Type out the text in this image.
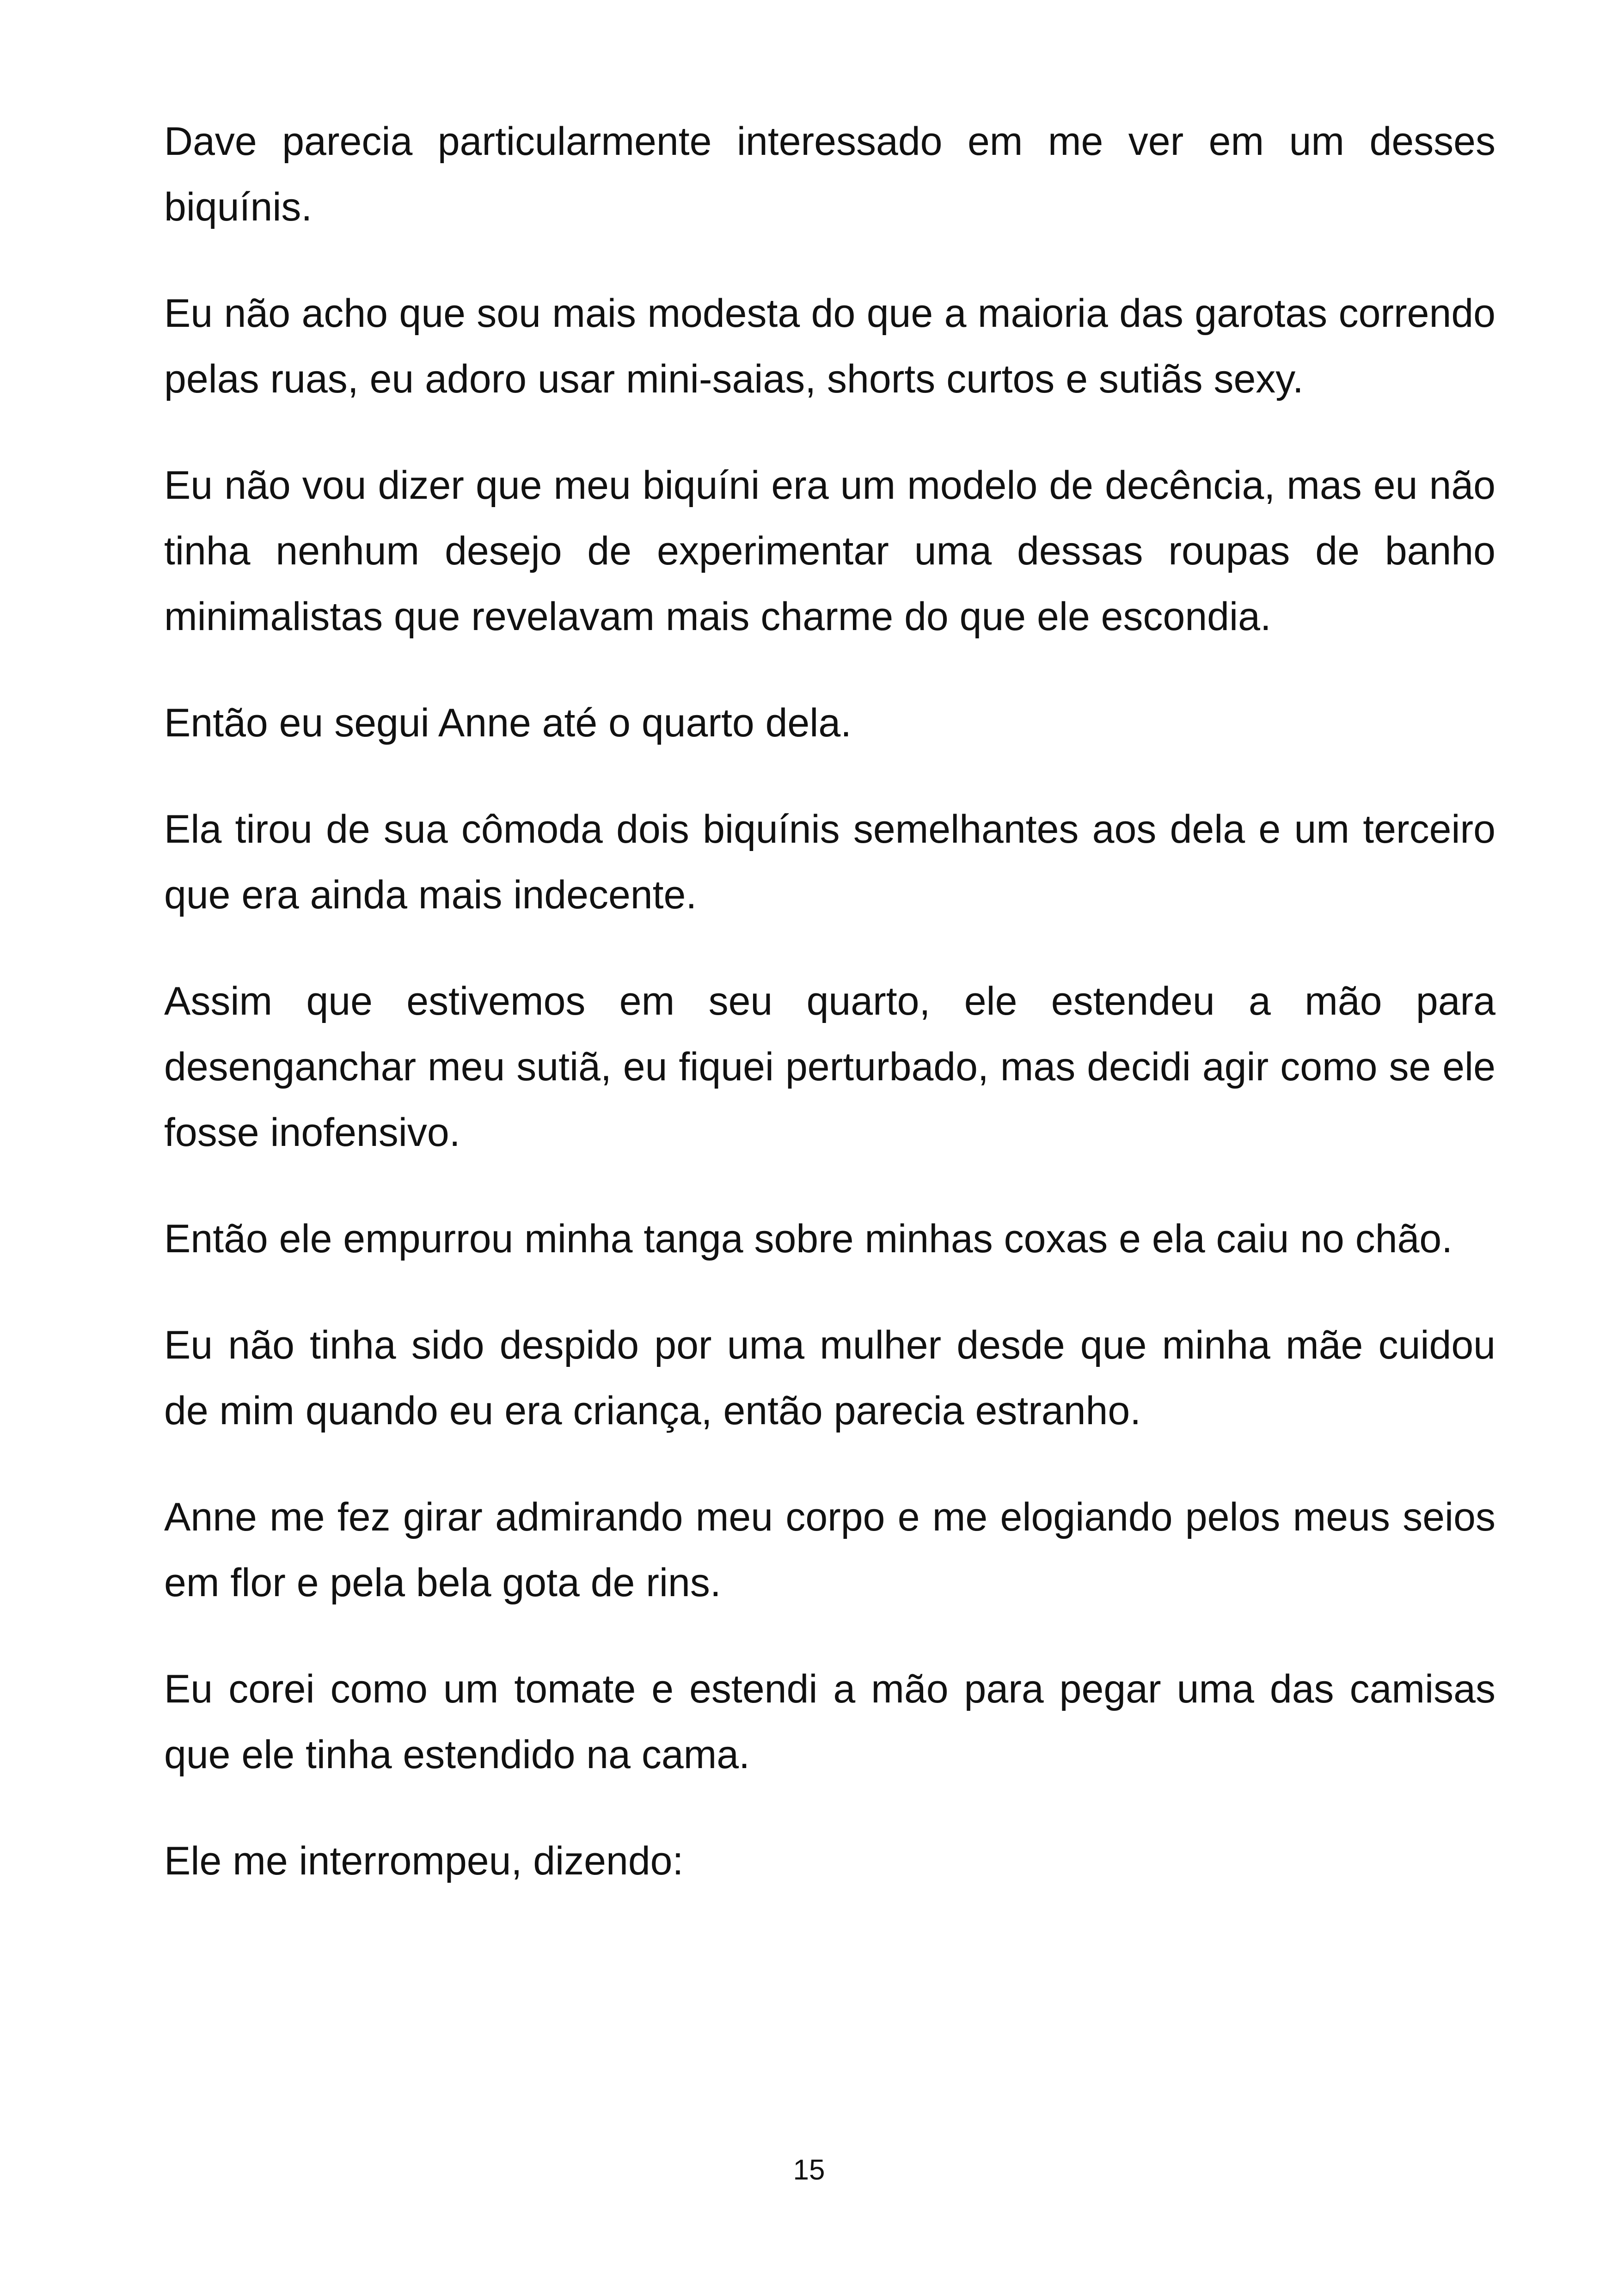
Dave parecia particularmente interessado em me ver em um desses biquínis.

Eu não acho que sou mais modesta do que a maioria das garotas correndo pelas ruas, eu adoro usar mini-saias, shorts curtos e sutiãs sexy.

Eu não vou dizer que meu biquíni era um modelo de decência, mas eu não tinha nenhum desejo de experimentar uma dessas roupas de banho minimalistas que revelavam mais charme do que ele escondia.

Então eu segui Anne até o quarto dela.

Ela tirou de sua cômoda dois biquínis semelhantes aos dela e um terceiro que era ainda mais indecente.

Assim que estivemos em seu quarto, ele estendeu a mão para desenganchar meu sutiã, eu fiquei perturbado, mas decidi agir como se ele fosse inofensivo.

Então ele empurrou minha tanga sobre minhas coxas e ela caiu no chão.

Eu não tinha sido despido por uma mulher desde que minha mãe cuidou de mim quando eu era criança, então parecia estranho.

Anne me fez girar admirando meu corpo e me elogiando pelos meus seios em flor e pela bela gota de rins.

Eu corei como um tomate e estendi a mão para pegar uma das camisas que ele tinha estendido na cama.

Ele me interrompeu, dizendo:

15
